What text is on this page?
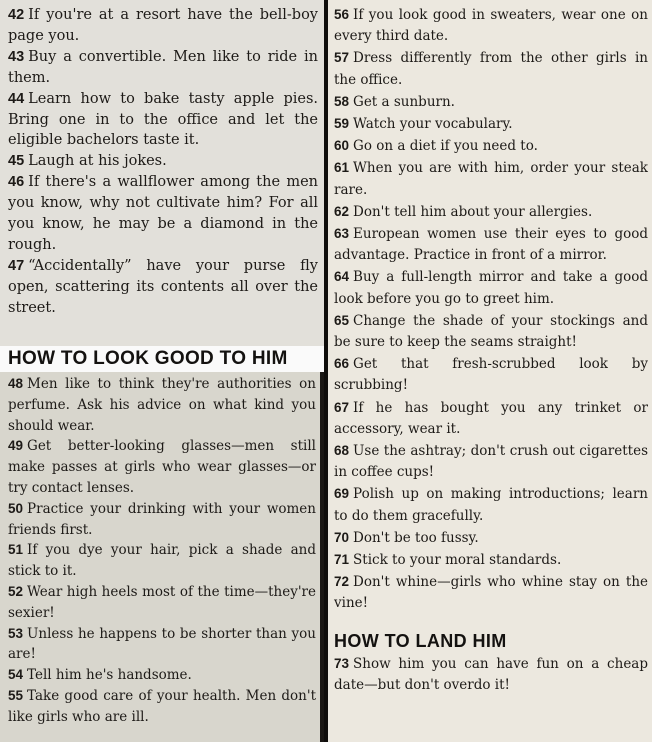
42 If you're at a resort have the bell-boy page you.

43 Buy a convertible. Men like to ride in them.

44 Learn how to bake tasty apple pies. Bring one in to the office and let the eligible bachelors taste it.

45 Laugh at his jokes.

46 If there's a wallflower among the men you know, why not cultivate him? For all you know, he may be a diamond in the rough.

47 “Accidentally” have your purse fly open, scattering its contents all over the street.

HOW TO LOOK GOOD TO HIM

48 Men like to think they're authorities on perfume. Ask his advice on what kind you should wear.

49 Get better-looking glasses—men still make passes at girls who wear glasses—or try contact lenses.

50 Practice your drinking with your women friends first.

51 If you dye your hair, pick a shade and stick to it.

52 Wear high heels most of the time—they're sexier!

53 Unless he happens to be shorter than you are!

54 Tell him he's handsome.

55 Take good care of your health. Men don't like girls who are ill.

56 If you look good in sweaters, wear one on every third date.

57 Dress differently from the other girls in the office.

58 Get a sunburn.

59 Watch your vocabulary.

60 Go on a diet if you need to.

61 When you are with him, order your steak rare.

62 Don't tell him about your allergies.

63 European women use their eyes to good advantage. Practice in front of a mirror.

64 Buy a full-length mirror and take a good look before you go to greet him.

65 Change the shade of your stockings and be sure to keep the seams straight!

66 Get that fresh-scrubbed look by scrubbing!

67 If he has bought you any trinket or accessory, wear it.

68 Use the ashtray; don't crush out cigarettes in coffee cups!

69 Polish up on making introductions; learn to do them gracefully.

70 Don't be too fussy.

71 Stick to your moral standards.

72 Don't whine—girls who whine stay on the vine!

HOW TO LAND HIM

73 Show him you can have fun on a cheap date—but don't overdo it!
